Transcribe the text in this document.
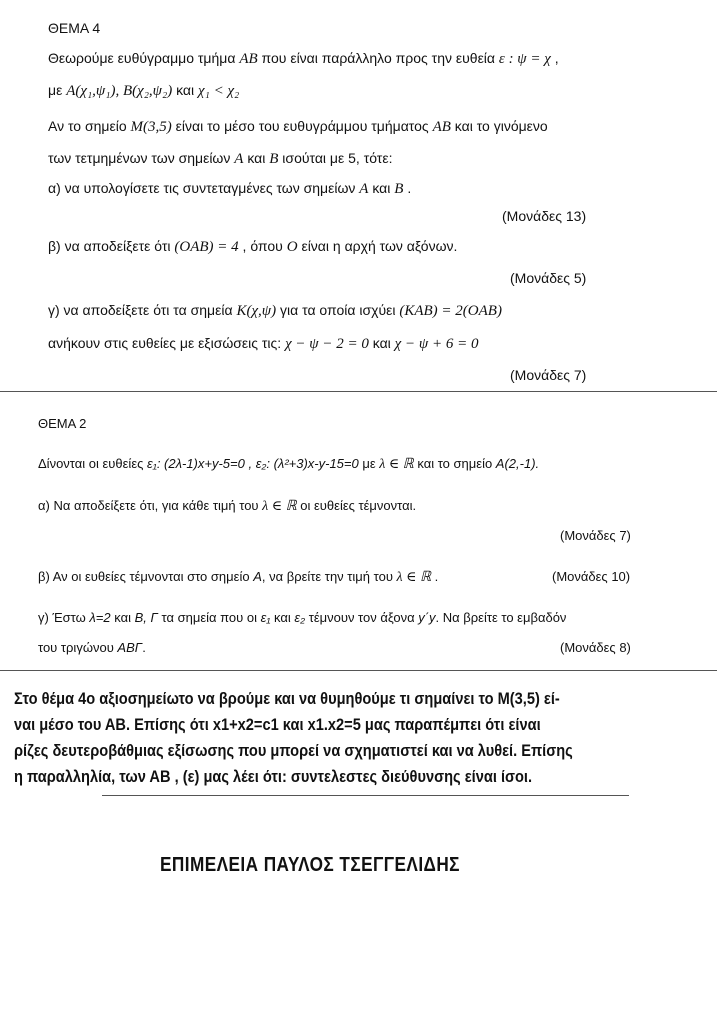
ΘΕΜΑ 4
Θεωρούμε ευθύγραμμο τμήμα AB που είναι παράλληλο προς την ευθεία ε : ψ = χ ,
με A(χ₁,ψ₁), B(χ₂,ψ₂) και χ₁ < χ₂
Αν το σημείο M(3,5) είναι το μέσο του ευθυγράμμου τμήματος AB και το γινόμενο
των τετμημένων των σημείων A και B ισούται με 5, τότε:
α) να υπολογίσετε τις συντεταγμένες των σημείων A και B .
(Μονάδες 13)
β) να αποδείξετε ότι (OAB) = 4 , όπου O είναι η αρχή των αξόνων.
(Μονάδες 5)
γ) να αποδείξετε ότι τα σημεία K(χ,ψ) για τα οποία ισχύει (KAB) = 2(OAB)
ανήκουν στις ευθείες με εξισώσεις τις: χ − ψ − 2 = 0 και χ − ψ + 6 = 0
(Μονάδες 7)
ΘΕΜΑ 2
Δίνονται οι ευθείες ε₁: (2λ-1)x+y-5=0 , ε₂: (λ²+3)x-y-15=0 με λ ∈ ℝ και το σημείο A(2,-1).
α) Να αποδείξετε ότι, για κάθε τιμή του λ ∈ ℝ οι ευθείες τέμνονται.
(Μονάδες 7)
β) Αν οι ευθείες τέμνονται στο σημείο A, να βρείτε την τιμή του λ ∈ ℝ .	(Μονάδες 10)
γ) Έστω λ=2 και B, Γ τα σημεία που οι ε₁ και ε₂ τέμνουν τον άξονα y΄y. Να βρείτε το εμβαδόν
του τριγώνου ΑΒΓ.	(Μονάδες 8)
Στο θέμα 4ο αξιοσημείωτο να βρούμε και να θυμηθούμε τι σημαίνει το Μ(3,5) εί-
ναι μέσο του ΑΒ. Επίσης ότι x1+x2=c1 και x1.x2=5 μας παραπέμπει ότι είναι
ρίζες δευτεροβάθμιας εξίσωσης που μπορεί να σχηματιστεί και να λυθεί. Επίσης
η παραλληλία, των ΑΒ , (ε) μας λέει ότι: συντελεστες διεύθυνσης είναι ίσοι.
ΕΠΙΜΕΛΕΙΑ ΠΑΥΛΟΣ ΤΣΕΓΓΕΛΙΔΗΣ
